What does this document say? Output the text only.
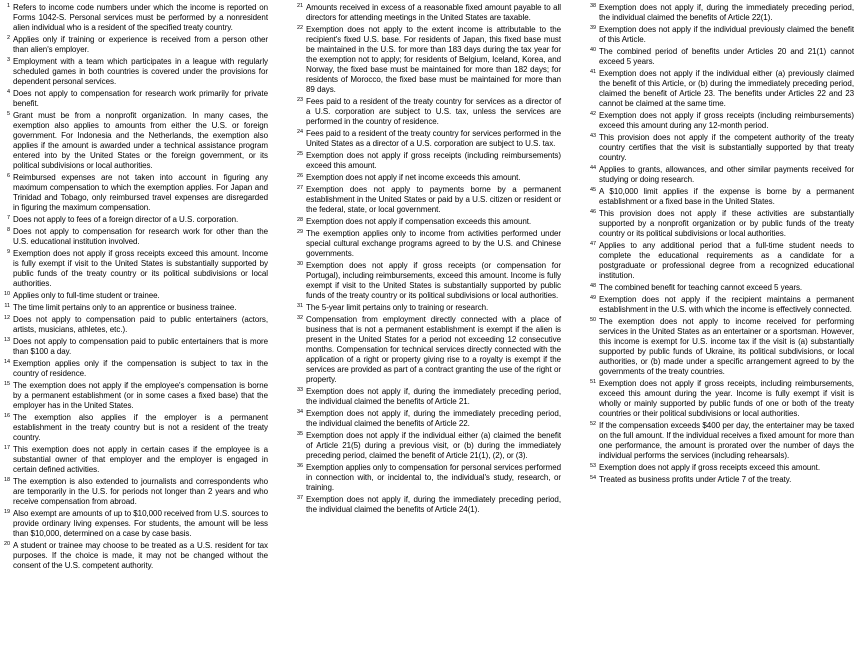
1 Refers to income code numbers under which the income is reported on Forms 1042-S. Personal services must be performed by a nonresident alien individual who is a resident of the specified treaty country.
2 Applies only if training or experience is received from a person other than alien's employer.
3 Employment with a team which participates in a league with regularly scheduled games in both countries is covered under the provisions for dependent personal services.
4 Does not apply to compensation for research work primarily for private benefit.
5 Grant must be from a nonprofit organization. In many cases, the exemption also applies to amounts from either the U.S. or foreign government. For Indonesia and the Netherlands, the exemption also applies if the amount is awarded under a technical assistance program entered into by the United States or the foreign government, or its political subdivisions or local authorities.
6 Reimbursed expenses are not taken into account in figuring any maximum compensation to which the exemption applies. For Japan and Trinidad and Tobago, only reimbursed travel expenses are disregarded in figuring the maximum compensation.
7 Does not apply to fees of a foreign director of a U.S. corporation.
8 Does not apply to compensation for research work for other than the U.S. educational institution involved.
9 Exemption does not apply if gross receipts exceed this amount. Income is fully exempt if visit to the United States is substantially supported by public funds of the treaty country or its political subdivisions or local authorities.
10 Applies only to full-time student or trainee.
11 The time limit pertains only to an apprentice or business trainee.
12 Does not apply to compensation paid to public entertainers (actors, artists, musicians, athletes, etc.).
13 Does not apply to compensation paid to public entertainers that is more than $100 a day.
14 Exemption applies only if the compensation is subject to tax in the country of residence.
15 The exemption does not apply if the employee's compensation is borne by a permanent establishment (or in some cases a fixed base) that the employer has in the United States.
16 The exemption also applies if the employer is a permanent establishment in the treaty country but is not a resident of the treaty country.
17 This exemption does not apply in certain cases if the employee is a substantial owner of that employer and the employer is engaged in certain defined activities.
18 The exemption is also extended to journalists and correspondents who are temporarily in the U.S. for periods not longer than 2 years and who receive compensation from abroad.
19 Also exempt are amounts of up to $10,000 received from U.S. sources to provide ordinary living expenses. For students, the amount will be less than $10,000, determined on a case by case basis.
20 A student or trainee may choose to be treated as a U.S. resident for tax purposes. If the choice is made, it may not be changed without the consent of the U.S. competent authority.
21 Amounts received in excess of a reasonable fixed amount payable to all directors for attending meetings in the United States are taxable.
22 Exemption does not apply to the extent income is attributable to the recipient's fixed U.S. base. For residents of Japan, this fixed base must be maintained in the U.S. for more than 183 days during the tax year for the exemption not to apply; for residents of Belgium, Iceland, Korea, and Norway, the fixed base must be maintained for more than 182 days; for residents of Morocco, the fixed base must be maintained for more than 89 days.
23 Fees paid to a resident of the treaty country for services as a director of a U.S. corporation are subject to U.S. tax, unless the services are performed in the country of residence.
24 Fees paid to a resident of the treaty country for services performed in the United States as a director of a U.S. corporation are subject to U.S. tax.
25 Exemption does not apply if gross receipts (including reimbursements) exceed this amount.
26 Exemption does not apply if net income exceeds this amount.
27 Exemption does not apply to payments borne by a permanent establishment in the United States or paid by a U.S. citizen or resident or the federal, state, or local government.
28 Exemption does not apply if compensation exceeds this amount.
29 The exemption applies only to income from activities performed under special cultural exchange programs agreed to by the U.S. and Chinese governments.
30 Exemption does not apply if gross receipts (or compensation for Portugal), including reimbursements, exceed this amount. Income is fully exempt if visit to the United States is substantially supported by public funds of the treaty country or its political subdivisions or local authorities.
31 The 5-year limit pertains only to training or research.
32 Compensation from employment directly connected with a place of business that is not a permanent establishment is exempt if the alien is present in the United States for a period not exceeding 12 consecutive months. Compensation for technical services directly connected with the application of a right or property giving rise to a royalty is exempt if the services are provided as part of a contract granting the use of the right or property.
33 Exemption does not apply if, during the immediately preceding period, the individual claimed the benefits of Article 21.
34 Exemption does not apply if, during the immediately preceding period, the individual claimed the benefits of Article 22.
35 Exemption does not apply if the individual either (a) claimed the benefit of Article 21(5) during a previous visit, or (b) during the immediately preceding period, claimed the benefit of Article 21(1), (2), or (3).
36 Exemption applies only to compensation for personal services performed in connection with, or incidental to, the individual's study, research, or training.
37 Exemption does not apply if, during the immediately preceding period, the individual claimed the benefits of Article 24(1).
38 Exemption does not apply if, during the immediately preceding period, the individual claimed the benefits of Article 22(1).
39 Exemption does not apply if the individual previously claimed the benefit of this Article.
40 The combined period of benefits under Articles 20 and 21(1) cannot exceed 5 years.
41 Exemption does not apply if the individual either (a) previously claimed the benefit of this Article, or (b) during the immediately preceding period, claimed the benefit of Article 23. The benefits under Articles 22 and 23 cannot be claimed at the same time.
42 Exemption does not apply if gross receipts (including reimbursements) exceed this amount during any 12-month period.
43 This provision does not apply if the competent authority of the treaty country certifies that the visit is substantially supported by that treaty country.
44 Applies to grants, allowances, and other similar payments received for studying or doing research.
45 A $10,000 limit applies if the expense is borne by a permanent establishment or a fixed base in the United States.
46 This provision does not apply if these activities are substantially supported by a nonprofit organization or by public funds of the treaty country or its political subdivisions or local authorities.
47 Applies to any additional period that a full-time student needs to complete the educational requirements as a candidate for a postgraduate or professional degree from a recognized educational institution.
48 The combined benefit for teaching cannot exceed 5 years.
49 Exemption does not apply if the recipient maintains a permanent establishment in the U.S. with which the income is effectively connected.
50 The exemption does not apply to income received for performing services in the United States as an entertainer or a sportsman. However, this income is exempt for U.S. income tax if the visit is (a) substantially supported by public funds of Ukraine, its political subdivisions, or local authorities, or (b) made under a specific arrangement agreed to by the governments of the treaty countries.
51 Exemption does not apply if gross receipts, including reimbursements, exceed this amount during the year. Income is fully exempt if visit is wholly or mainly supported by public funds of one or both of the treaty countries or their political subdivisions or local authorities.
52 If the compensation exceeds $400 per day, the entertainer may be taxed on the full amount. If the individual receives a fixed amount for more than one performance, the amount is prorated over the number of days the individual performs the services (including rehearsals).
53 Exemption does not apply if gross receipts exceed this amount.
54 Treated as business profits under Article 7 of the treaty.
